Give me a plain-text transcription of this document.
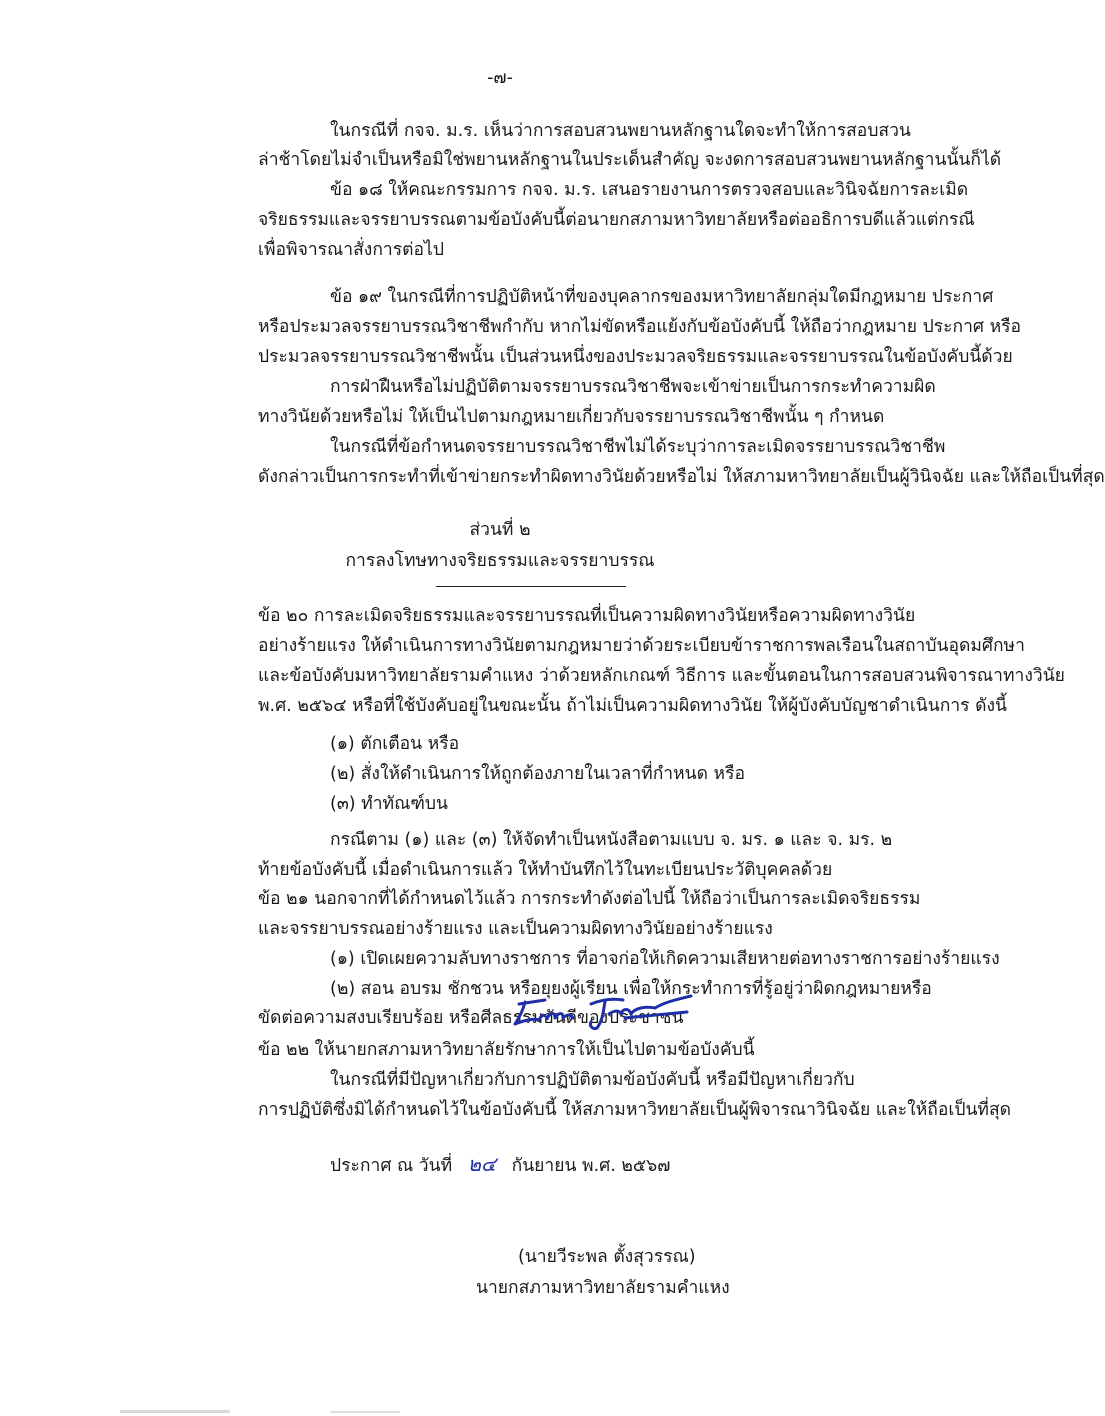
-๗-
ในกรณีที่ กจจ. ม.ร. เห็นว่าการสอบสวนพยานหลักฐานใดจะทำให้การสอบสวน
ล่าช้าโดยไม่จำเป็นหรือมิใช่พยานหลักฐานในประเด็นสำคัญ จะงดการสอบสวนพยานหลักฐานนั้นก็ได้
ข้อ ๑๘ ให้คณะกรรมการ กจจ. ม.ร. เสนอรายงานการตรวจสอบและวินิจฉัยการละเมิด
จริยธรรมและจรรยาบรรณตามข้อบังคับนี้ต่อนายกสภามหาวิทยาลัยหรือต่ออธิการบดีแล้วแต่กรณี
เพื่อพิจารณาสั่งการต่อไป
ข้อ ๑๙ ในกรณีที่การปฏิบัติหน้าที่ของบุคลากรของมหาวิทยาลัยกลุ่มใดมีกฎหมาย ประกาศ
หรือประมวลจรรยาบรรณวิชาชีพกำกับ หากไม่ขัดหรือแย้งกับข้อบังคับนี้ ให้ถือว่ากฎหมาย ประกาศ หรือ
ประมวลจรรยาบรรณวิชาชีพนั้น เป็นส่วนหนึ่งของประมวลจริยธรรมและจรรยาบรรณในข้อบังคับนี้ด้วย
การฝ่าฝืนหรือไม่ปฏิบัติตามจรรยาบรรณวิชาชีพจะเข้าข่ายเป็นการกระทำความผิด
ทางวินัยด้วยหรือไม่ ให้เป็นไปตามกฎหมายเกี่ยวกับจรรยาบรรณวิชาชีพนั้น ๆ กำหนด
ในกรณีที่ข้อกำหนดจรรยาบรรณวิชาชีพไม่ได้ระบุว่าการละเมิดจรรยาบรรณวิชาชีพ
ดังกล่าวเป็นการกระทำที่เข้าข่ายกระทำผิดทางวินัยด้วยหรือไม่ ให้สภามหาวิทยาลัยเป็นผู้วินิจฉัย และให้ถือเป็นที่สุด
ส่วนที่ ๒
การลงโทษทางจริยธรรมและจรรยาบรรณ
ข้อ ๒๐ การละเมิดจริยธรรมและจรรยาบรรณที่เป็นความผิดทางวินัยหรือความผิดทางวินัย
อย่างร้ายแรง ให้ดำเนินการทางวินัยตามกฎหมายว่าด้วยระเบียบข้าราชการพลเรือนในสถาบันอุดมศึกษา
และข้อบังคับมหาวิทยาลัยรามคำแหง ว่าด้วยหลักเกณฑ์ วิธีการ และขั้นตอนในการสอบสวนพิจารณาทางวินัย
พ.ศ. ๒๕๖๔ หรือที่ใช้บังคับอยู่ในขณะนั้น ถ้าไม่เป็นความผิดทางวินัย ให้ผู้บังคับบัญชาดำเนินการ ดังนี้
(๑) ตักเตือน หรือ
(๒) สั่งให้ดำเนินการให้ถูกต้องภายในเวลาที่กำหนด หรือ
(๓) ทำทัณฑ์บน
กรณีตาม (๑) และ (๓) ให้จัดทำเป็นหนังสือตามแบบ จ. มร. ๑ และ จ. มร. ๒
ท้ายข้อบังคับนี้ เมื่อดำเนินการแล้ว ให้ทำบันทึกไว้ในทะเบียนประวัติบุคคลด้วย
ข้อ ๒๑ นอกจากที่ได้กำหนดไว้แล้ว การกระทำดังต่อไปนี้ ให้ถือว่าเป็นการละเมิดจริยธรรม
และจรรยาบรรณอย่างร้ายแรง และเป็นความผิดทางวินัยอย่างร้ายแรง
(๑) เปิดเผยความลับทางราชการ ที่อาจก่อให้เกิดความเสียหายต่อทางราชการอย่างร้ายแรง
(๒) สอน อบรม ชักชวน หรือยุยงผู้เรียน เพื่อให้กระทำการที่รู้อยู่ว่าผิดกฎหมายหรือ
ขัดต่อความสงบเรียบร้อย หรือศีลธรรมอันดีของประชาชน
ข้อ ๒๒ ให้นายกสภามหาวิทยาลัยรักษาการให้เป็นไปตามข้อบังคับนี้
ในกรณีที่มีปัญหาเกี่ยวกับการปฏิบัติตามข้อบังคับนี้ หรือมีปัญหาเกี่ยวกับ
การปฏิบัติซึ่งมิได้กำหนดไว้ในข้อบังคับนี้ ให้สภามหาวิทยาลัยเป็นผู้พิจารณาวินิจฉัย และให้ถือเป็นที่สุด
ประกาศ ณ วันที่ ๒๔ กันยายน พ.ศ. ๒๕๖๗
(นายวีระพล ตั้งสุวรรณ)
นายกสภามหาวิทยาลัยรามคำแหง
